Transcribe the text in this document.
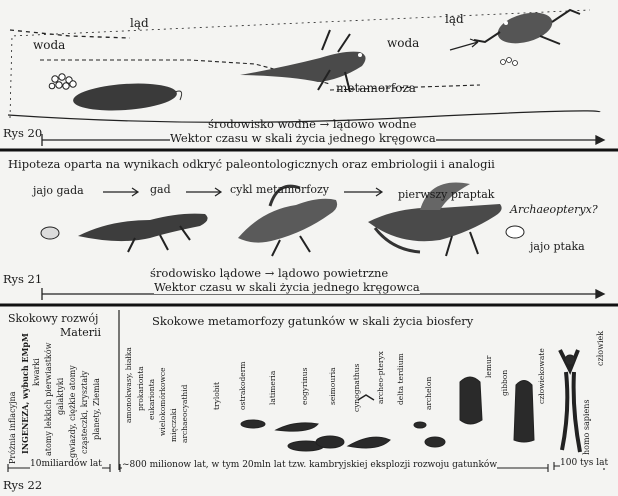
ląd
woda	woda
ląd
metamorfoza
środowisko wodne → lądowo wodne
Wektor czasu w skali życia jednego kręgowca
Rys 20
Hipoteza oparta na wynikach odkryć paleontologicznych oraz embriologii i analogii
jajo gada	gad	cykl metamorfozy	pierwszy praptak
Archaeopteryx?
jajo ptaka
środowisko lądowe → lądowo powietrzne
Wektor czasu w skali życia jednego kręgowca
Rys 21
Skokowy rozwój
Materii
Skokowe metamorfozy gatunków w skali życia biosfery
Próżnia inflacyjna INGENEZA, wybuch EMpM kwarki atomy lekkich pierwiastków galaktyki gwiazdy, ciężkie atomy cząsteczki, kryształy planety, Ziemia	amonokwasy, białka prokarionta eukarionta wielokomórkowce mięczaki archaeocyathid	trylobit ostrakoderm	latimeria	eogyrinus	seimouria cynognathus archeo-pteryx delta terdium	archelon
lemur
gibbon	człowiekowate
homo sapiens
człowiek
10miliardów lat ~800 milionow lat, w tym 20mln lat tzw. kambryjskiej eksplozji rozwoju gatunków	100 tys lat
Rys 22
